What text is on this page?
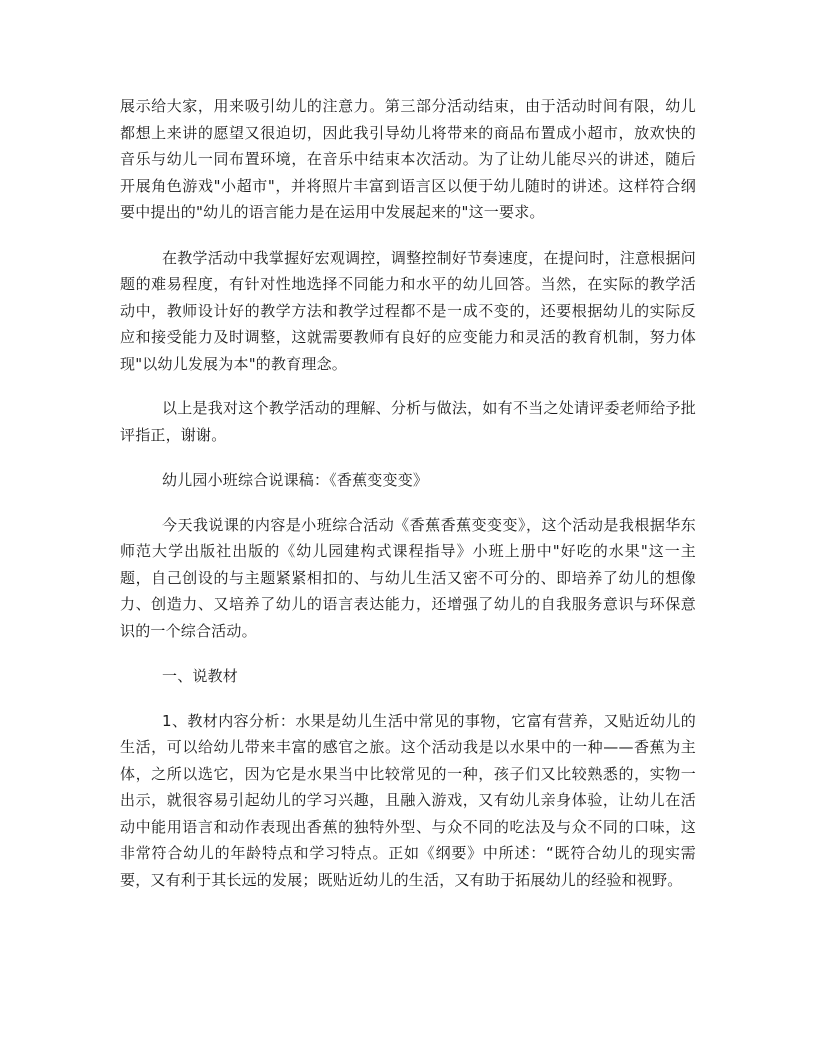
展示给大家，用来吸引幼儿的注意力。第三部分活动结束，由于活动时间有限，幼儿都想上来讲的愿望又很迫切，因此我引导幼儿将带来的商品布置成小超市，放欢快的音乐与幼儿一同布置环境，在音乐中结束本次活动。为了让幼儿能尽兴的讲述，随后开展角色游戏"小超市"，并将照片丰富到语言区以便于幼儿随时的讲述。这样符合纲要中提出的"幼儿的语言能力是在运用中发展起来的"这一要求。

在教学活动中我掌握好宏观调控，调整控制好节奏速度，在提问时，注意根据问题的难易程度，有针对性地选择不同能力和水平的幼儿回答。当然，在实际的教学活动中，教师设计好的教学方法和教学过程都不是一成不变的，还要根据幼儿的实际反应和接受能力及时调整，这就需要教师有良好的应变能力和灵活的教育机制，努力体现"以幼儿发展为本"的教育理念。

以上是我对这个教学活动的理解、分析与做法，如有不当之处请评委老师给予批评指正，谢谢。

幼儿园小班综合说课稿：《香蕉变变变》

今天我说课的内容是小班综合活动《香蕉香蕉变变变》，这个活动是我根据华东师范大学出版社出版的《幼儿园建构式课程指导》小班上册中"好吃的水果"这一主题，自己创设的与主题紧紧相扣的、与幼儿生活又密不可分的、即培养了幼儿的想像力、创造力、又培养了幼儿的语言表达能力，还增强了幼儿的自我服务意识与环保意识的一个综合活动。

一、说教材

1、教材内容分析：水果是幼儿生活中常见的事物，它富有营养，又贴近幼儿的生活，可以给幼儿带来丰富的感官之旅。这个活动我是以水果中的一种——香蕉为主体，之所以选它，因为它是水果当中比较常见的一种，孩子们又比较熟悉的，实物一出示，就很容易引起幼儿的学习兴趣，且融入游戏，又有幼儿亲身体验，让幼儿在活动中能用语言和动作表现出香蕉的独特外型、与众不同的吃法及与众不同的口味，这非常符合幼儿的年龄特点和学习特点。正如《纲要》中所述：“既符合幼儿的现实需要，又有利于其长远的发展；既贴近幼儿的生活，又有助于拓展幼儿的经验和视野。
